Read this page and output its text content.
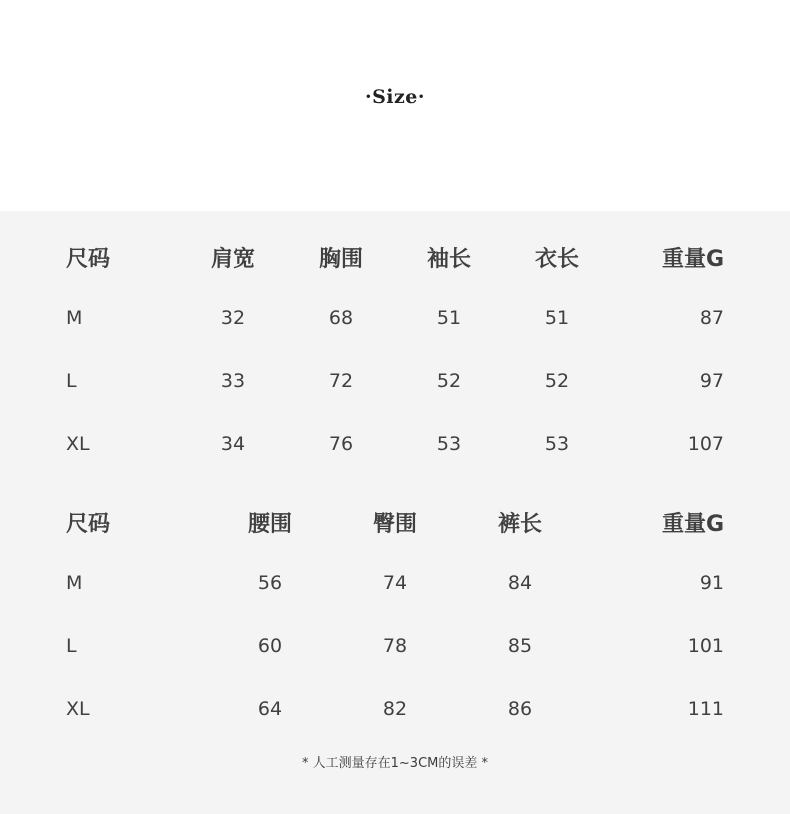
·Size·
尺码	肩宽	胸围	袖长	衣长	重量G
M	32	68	51	51	87
L	33	72	52	52	97
XL	34	76	53	53	107
尺码	腰围	臀围	裤长	重量G
M	56	74	84	91
L	60	78	85	101
XL	64	82	86	111
* 人工测量存在1~3CM的误差 *
